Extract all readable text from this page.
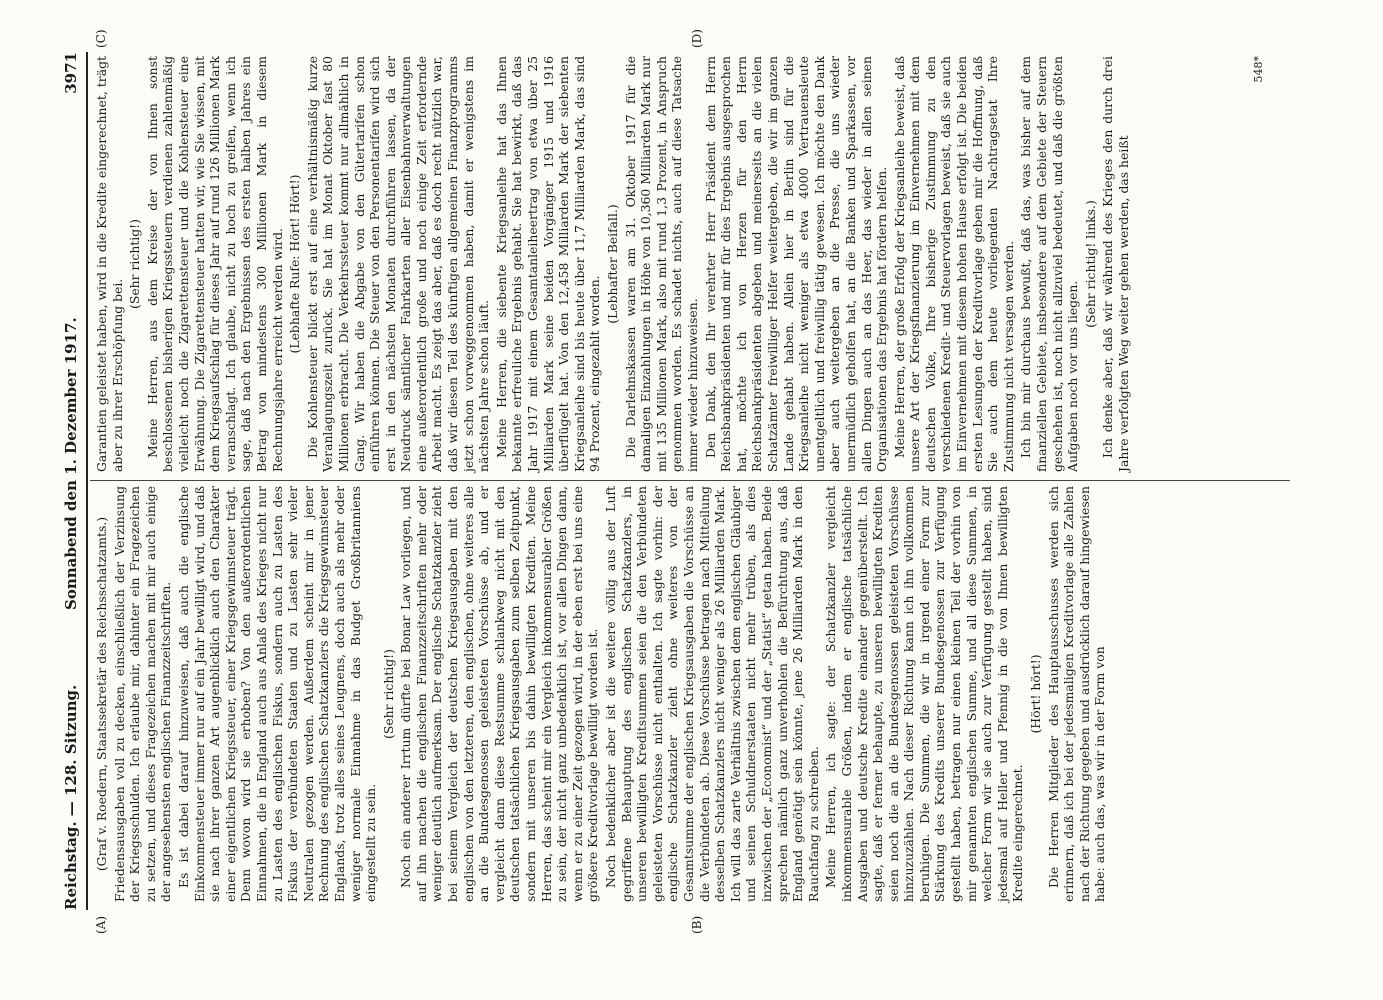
Reichstag. — 128. Sitzung.
Sonnabend den 1. Dezember 1917.
3971
(A)	(B)
(C)	(D)

(Graf v. Roedern, Staatssekretär des Reichsschatzamts.) Friedensausgaben voll zu decken, einschließlich der Verzinsung der Kriegsschulden. Ich erlaube mir, dahinter ein Fragezeichen zu setzen, und dieses Fragezeichen machen mit mir auch einige der angesehensten englischen Finanzzeitschriften. Es ist dabei darauf hinzuweisen, daß auch die englische Einkommensteuer immer nur auf ein Jahr bewilligt wird, und daß sie nach ihrer ganzen Art augenblicklich auch den Charakter einer eigentlichen Kriegssteuer, einer Kriegsgewinnsteuer trägt. Denn wovon wird sie erhoben? Von den außerordentlichen Einnahmen, die in England auch aus Anlaß des Krieges nicht nur zu Lasten des englischen Fiskus, sondern auch zu Lasten des Fiskus der verbündeten Staaten und zu Lasten sehr vieler Neutralen gezogen werden. Außerdem scheint mir in jener Rechnung des englischen Schatzkanzlers die Kriegsgewinnsteuer Englands, trotz alles seines Leugnens, doch auch als mehr oder weniger normale Einnahme in das Budget Großbritanniens eingestellt zu sein.

(Sehr richtig!) Noch ein anderer Irrtum dürfte bei Bonar Law vorliegen, und auf ihn machen die englischen Finanzzeitschriften mehr oder weniger deutlich aufmerksam. Der englische Schatzkanzler zieht bei seinem Vergleich der deutschen Kriegsausgaben mit den englischen von den letzteren, den englischen, ohne weiteres alle an die Bundesgenossen geleisteten Vorschüsse ab, und er vergleicht dann diese Restsumme schlankweg nicht mit den deutschen tatsächlichen Kriegsausgaben zum selben Zeitpunkt, sondern mit unseren bis dahin bewilligten Krediten. Meine Herren, das scheint mir ein Vergleich inkommensurabler Größen zu sein, der nicht ganz unbedenklich ist, vor allen Dingen dann, wenn er zu einer Zeit gezogen wird, in der eben erst bei uns eine größere Kreditvorlage bewilligt worden ist. Noch bedenklicher aber ist die weitere völlig aus der Luft gegriffene Behauptung des englischen Schatzkanzlers, in unseren bewilligten Kreditsummen seien die den Verbündeten geleisteten Vorschüsse nicht enthalten. Ich sagte vorhin: der englische Schatzkanzler zieht ohne weiteres von der Gesamtsumme der englischen Kriegsausgaben die Vorschüsse an die Verbündeten ab. Diese Vorschüsse betragen nach Mitteilung desselben Schatzkanzlers nicht weniger als 26 Milliarden Mark. Ich will das zarte Verhältnis zwischen dem englischen Gläubiger und seinen Schuldnerstaaten nicht mehr trüben, als dies inzwischen der „Economist“ und der „Statist“ getan haben. Beide sprechen nämlich ganz unverhohlen die Befürchtung aus, daß England genötigt sein könnte, jene 26 Milliarden Mark in den Rauchfang zu schreiben. Meine Herren, ich sagte: der Schatzkanzler vergleicht inkommensurable Größen, indem er englische tatsächliche Ausgaben und deutsche Kredite einander gegenüberstellt. Ich sagte, daß er ferner behaupte, zu unseren bewilligten Krediten seien noch die an die Bundesgenossen geleisteten Vorschüsse hinzuzuzählen. Nach dieser Richtung kann ich ihn vollkommen beruhigen. Die Summen, die wir in irgend einer Form zur Stärkung des Kredits unserer Bundesgenossen zur Verfügung gestellt haben, betragen nur einen kleinen Teil der vorhin von mir genannten englischen Summe, und all diese Summen, in welcher Form wir sie auch zur Verfügung gestellt haben, sind jedesmal auf Heller und Pfennig in die von Ihnen bewilligten Kredite eingerechnet.

(Hört! hört!) Die Herren Mitglieder des Hauptausschusses werden sich erinnern, daß ich bei der jedesmaligen Kreditvorlage alle Zahlen nach der Richtung gegeben und ausdrücklich darauf hingewiesen habe: auch das, was wir in der Form von

Garantien geleistet haben, wird in die Kredite eingerechnet, trägt aber zu ihrer Erschöpfung bei.

(Sehr richtig!) Meine Herren, aus dem Kreise der von Ihnen sonst beschlossenen bisherigen Kriegssteuern verdienen zahlenmäßig vielleicht noch die Zigarettensteuer und die Kohlensteuer eine Erwähnung. Die Zigarettensteuer hatten wir, wie Sie wissen, mit dem Kriegsaufschlag für dieses Jahr auf rund 126 Millionen Mark veranschlagt. Ich glaube, nicht zu hoch zu greifen, wenn ich sage, daß nach den Ergebnissen des ersten halben Jahres ein Betrag von mindestens 300 Millionen Mark in diesem Rechnungsjahre erreicht werden wird. (Lebhafte Rufe: Hört! Hört!) Die Kohlensteuer blickt erst auf eine verhältnismäßig kurze Veranlagungszeit zurück. Sie hat im Monat Oktober fast 80 Millionen erbracht. Die Verkehrssteuer kommt nur allmählich in Gang. Wir haben die Abgabe von den Gütertarifen schon einführen können. Die Steuer von den Personentarifen wird sich erst in den nächsten Monaten durchführen lassen, da der Neudruck sämtlicher Fahrkarten aller Eisenbahnverwaltungen eine außerordentlich große und noch einige Zeit erfordernde Arbeit macht. Es zeigt das aber, daß es doch recht nützlich war, daß wir diesen Teil des künftigen allgemeinen Finanzprogramms jetzt schon vorweggenommen haben, damit er wenigstens im nächsten Jahre schon läuft. Meine Herren, die siebente Kriegsanleihe hat das Ihnen bekannte erfreuliche Ergebnis gehabt. Sie hat bewirkt, daß das Jahr 1917 mit einem Gesamtanleiheertrag von etwa über 25 Milliarden Mark seine beiden Vorgänger 1915 und 1916 überflügelt hat. Von den 12,458 Milliarden Mark der siebenten Kriegsanleihe sind bis heute über 11,7 Milliarden Mark, das sind 94 Prozent, eingezahlt worden.

(Lebhafter Beifall.) Die Darlehnskassen waren am 31. Oktober 1917 für die damaligen Einzahlungen in Höhe von 10,360 Milliarden Mark nur mit 135 Millionen Mark, also mit rund 1,3 Prozent, in Anspruch genommen worden. Es schadet nichts, auch auf diese Tatsache immer wieder hinzuweisen. Den Dank, den Ihr verehrter Herr Präsident dem Herrn Reichsbankpräsidenten und mir für dies Ergebnis ausgesprochen hat, möchte ich von Herzen für den Herrn Reichsbankpräsidenten abgeben und meinerseits an die vielen Schatzämter freiwilliger Helfer weitergeben, die wir im ganzen Lande gehabt haben. Allein hier in Berlin sind für die Kriegsanleihe nicht weniger als etwa 4000 Vertrauensleute unentgeltlich und freiwillig tätig gewesen. Ich möchte den Dank aber auch weitergeben an die Presse, die uns wieder unermüdlich geholfen hat, an die Banken und Sparkassen, vor allen Dingen auch an das Heer, das wieder in allen seinen Organisationen das Ergebnis hat fördern helfen. Meine Herren, der große Erfolg der Kriegsanleihe beweist, daß unsere Art der Kriegsfinanzierung im Einvernehmen mit dem deutschen Volke, Ihre bisherige Zustimmung zu den verschiedenen Kredit- und Steuervorlagen beweist, daß sie auch im Einvernehmen mit diesem hohen Hause erfolgt ist. Die beiden ersten Lesungen der Kreditvorlage geben mir die Hoffnung, daß Sie auch dem heute vorliegenden Nachtragsetat Ihre Zustimmung nicht versagen werden. Ich bin mir durchaus bewußt, daß das, was bisher auf dem finanziellen Gebiete, insbesondere auf dem Gebiete der Steuern geschehen ist, noch nicht allzuviel bedeutet, und daß die größten Aufgaben noch vor uns liegen.

(Sehr richtig! links.) Ich denke aber, daß wir während des Krieges den durch drei Jahre verfolgten Weg weiter gehen werden, das heißt

548*
